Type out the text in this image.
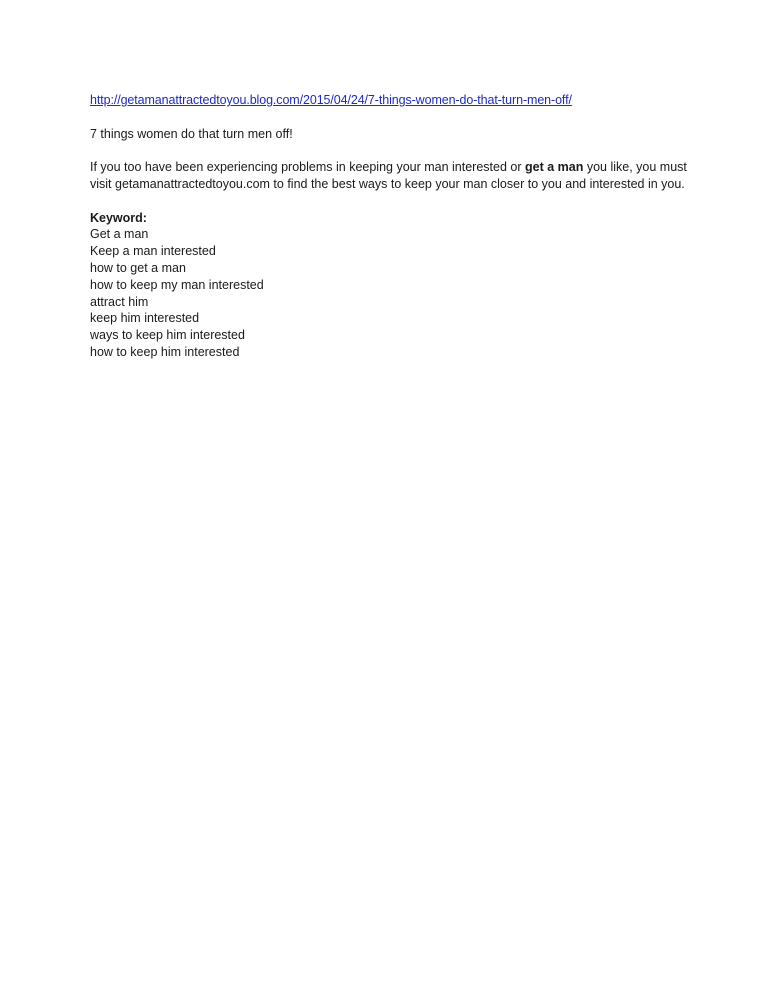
http://getamanattractedtoyou.blog.com/2015/04/24/7-things-women-do-that-turn-men-off/

7 things women do that turn men off!

If you too have been experiencing problems in keeping your man interested or get a man you like, you must visit getamanattractedtoyou.com to find the best ways to keep your man closer to you and interested in you.

Keyword:

Get a man
Keep a man interested
how to get a man
how to keep my man interested
attract him
keep him interested
ways to keep him interested
how to keep him interested
